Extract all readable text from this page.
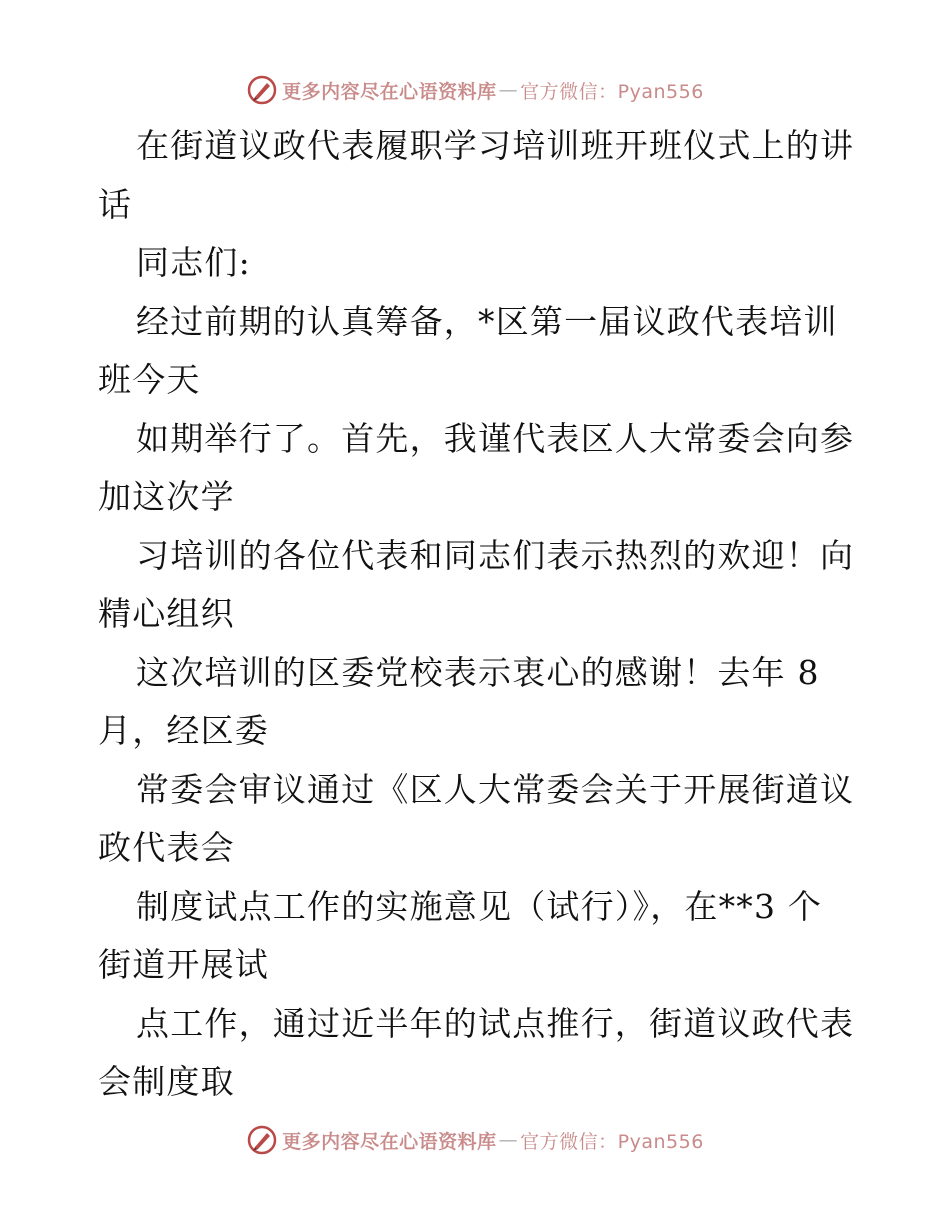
更多内容尽在心语资料库 — 官方微信：Pyan556
在街道议政代表履职学习培训班开班仪式上的讲
话
同志们:
经过前期的认真筹备，*区第一届议政代表培训
班今天
如期举行了。首先，我谨代表区人大常委会向参
加这次学
习培训的各位代表和同志们表示热烈的欢迎！向
精心组织
这次培训的区委党校表示衷心的感谢！去年 8
月，经区委
常委会审议通过《区人大常委会关于开展街道议
政代表会
制度试点工作的实施意见（试行）》，在**3 个
街道开展试
点工作，通过近半年的试点推行，街道议政代表
会制度取
更多内容尽在心语资料库 — 官方微信：Pyan556
